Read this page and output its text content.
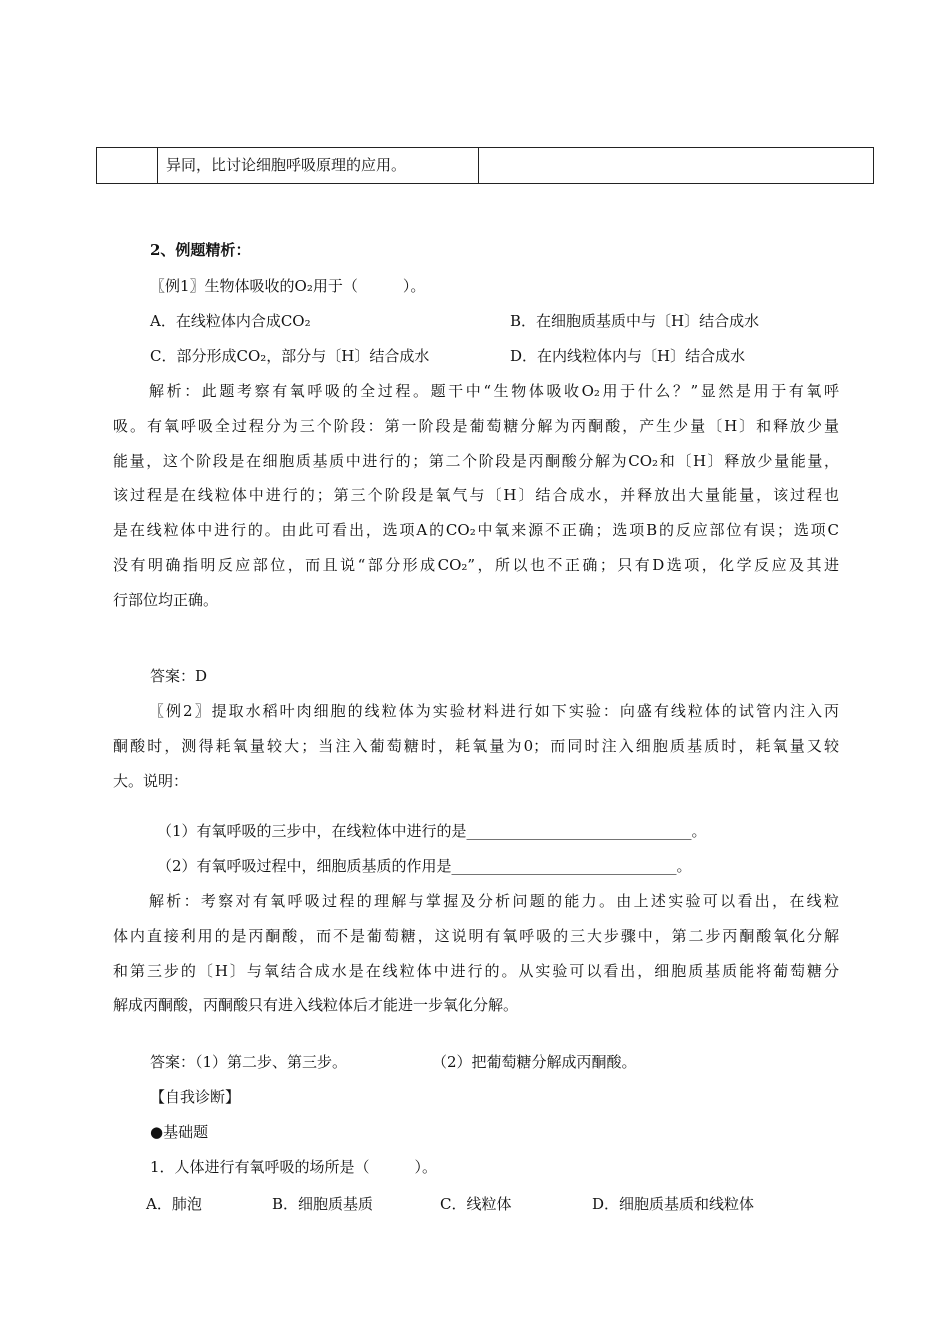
异同，比讨论细胞呼吸原理的应用。
2、例题精析：
〖例1〗生物体吸收的O₂用于（　　　）。
A．在线粒体内合成CO₂	B．在细胞质基质中与〔H〕结合成水
C．部分形成CO₂，部分与〔H〕结合成水	D．在内线粒体内与〔H〕结合成水
解析：此题考察有氧呼吸的全过程。题干中“生物体吸收O₂用于什么？”显然是用于有氧呼
吸。有氧呼吸全过程分为三个阶段：第一阶段是葡萄糖分解为丙酮酸，产生少量〔H〕和释放少量
能量，这个阶段是在细胞质基质中进行的；第二个阶段是丙酮酸分解为CO₂和〔H〕释放少量能量，
该过程是在线粒体中进行的；第三个阶段是氧气与〔H〕结合成水，并释放出大量能量，该过程也
是在线粒体中进行的。由此可看出，选项A的CO₂中氧来源不正确；选项B的反应部位有误；选项C
没有明确指明反应部位，而且说“部分形成CO₂”，所以也不正确；只有D选项，化学反应及其进
行部位均正确。
答案：D
〖例2〗提取水稻叶肉细胞的线粒体为实验材料进行如下实验：向盛有线粒体的试管内注入丙
酮酸时，测得耗氧量较大；当注入葡萄糖时，耗氧量为0；而同时注入细胞质基质时，耗氧量又较
大。说明：
（1）有氧呼吸的三步中，在线粒体中进行的是______________________________。
（2）有氧呼吸过程中，细胞质基质的作用是______________________________。
解析：考察对有氧呼吸过程的理解与掌握及分析问题的能力。由上述实验可以看出，在线粒
体内直接利用的是丙酮酸，而不是葡萄糖，这说明有氧呼吸的三大步骤中，第二步丙酮酸氧化分解
和第三步的〔H〕与氧结合成水是在线粒体中进行的。从实验可以看出，细胞质基质能将葡萄糖分
解成丙酮酸，丙酮酸只有进入线粒体后才能进一步氧化分解。
答案：（1）第二步、第三步。	（2）把葡萄糖分解成丙酮酸。
【自我诊断】
●基础题
1．人体进行有氧呼吸的场所是（　　　）。
A．肺泡	B．细胞质基质	C．线粒体	D．细胞质基质和线粒体
